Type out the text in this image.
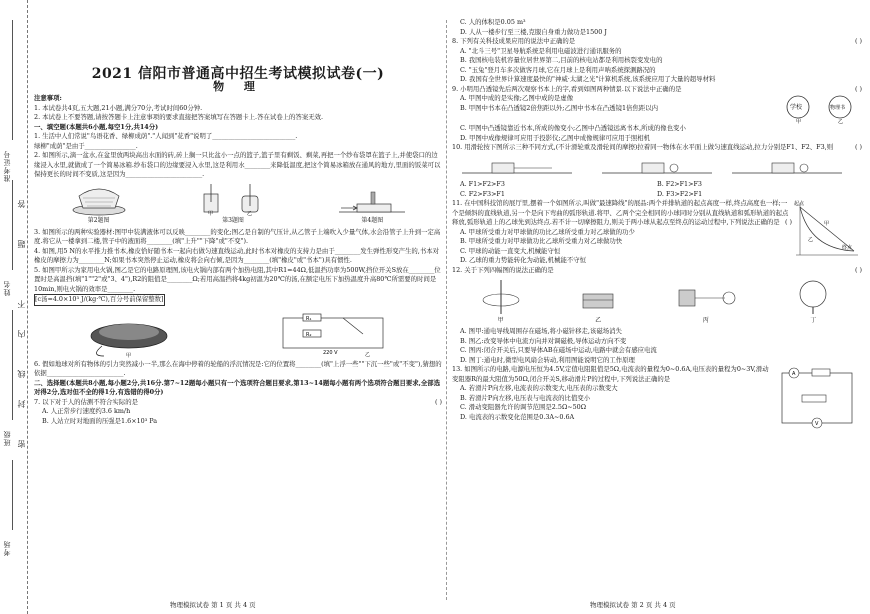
考场
准考证号
班级
姓名
答
题
不
内
线
封
密
2021 信阳市普通高中招生考试模拟试卷(一)
物 理
注意事项:
1. 本试卷共4页,五大题,21小题,满分70分,考试时间60分钟.
2. 本试卷上不要答题,请按答题卡上注意事项的要求直接把答案填写在答题卡上.答在试卷上的答案无效.
一、填空题(本题共6小题,每空1分,共14分)
1. 生活中人们常说"鸟语花香、绿柳成荫"."人闻到"花香"说明了__________________________.
绿柳"成荫"是由于________________.
2. 如图所示,滴一盆水,在盆里放两块高出水面的砖,砖上搁一只比盆小一点的篮子,篮子里有剩饭、剩菜,再把一个纱布袋罩在篮子上,并使袋口的边缘浸入水里,就做成了一个简易冰箱.纱布袋口的边缘要浸入水里,这是利用水________来降低温度,把这个简易冰箱放在通风的地方,里面的饭菜可以保持更长的时间不变质,这是因为________________________.
第2题图
甲	乙
第3题图	第4题图
3. 如图所示的两种实验器材:图甲中装满液体可以反映________的变化;图乙是自制的气压计,从乙管子上端吹入少量气体,水会沿管子上升到一定高度.将它从一楼拿到二楼,管子中的液面将________(填"上升""下降"或"不变").
4. 如图,用5 N的水平推力推书本,橡皮恰好随书本一起向右做匀速直线运动,此时书本对橡皮的支持力是由于________发生弹性形变产生的,书本对橡皮的摩擦力为________N;如果书本突然停止运动,橡皮将会向右倾,是因为________(填"橡皮"或"书本")具有惯性.
5. 如图甲所示为家用电火锅,图乙是它的电路原理图,该电火锅内部有两个加热电阻,其中R1=44Ω,低温挡功率为500W,挡位开关S放在________位置时是高温挡(填"1""2"或"3、4"),R2的阻值是________Ω;若用高温挡将4kg初温为20℃的汤,在额定电压下加热温度升高80℃所需要的时间是10min,则电火锅的效率是________.
[c汤=4.0×10³ J/(kg·℃),百分号前保留整数]
甲
R₁
R₂
220 V	乙
6. 假如地球对所有物体的引力突然减小一半,那么在海中停着的轮船的浮沉情况是:它的位置将________(填"上浮一些""下沉一些"或"不变"),猜想的依据________________________.
二、选择题(本题共8小题,每小题2分,共16分.第7~12题每小题只有一个选项符合题目要求,第13~14题每小题有两个选项符合题目要求,全部选对得2分,选对但不全的得1分,有选错的得0分)
7. 以下对于人的估测不符合实际的是	( )
A. 人正常步行速度约3.6 km/h
B. 人站立时对地面的压强是1.6×10³ Pa
C. 人的体积是0.05 m³
D. 人从一楼步行至三楼,克服自身重力做功是1500 J
8. 下列有关科技成果应用的说法中正确的是	( )
A. "北斗三号"卫星导航系统是利用电磁波进行通讯服务的
B. 我国核电装机容量位居世界第二,目前的核电站都是利用核裂变发电的
C. "玉兔"登月车多次做客月球,它在月球上是利用声呐系统探测路况的
D. 我国有全世界计算速度最快的"神威·太湖之光"计算机系统,该系统应用了大量的超导材料
9. 小明用凸透镜先后两次观察书本上的字,看到如图两种情景.以下说法中正确的是	( )
A. 甲图中成的是实像;乙图中成的是虚像
B. 甲图中书本在凸透镜2倍焦距以外;乙图中书本在凸透镜1倍焦距以内	学校	物理书
甲	乙
C. 甲图中凸透镜靠近书本,所成的像变小;乙图中凸透镜远离书本,所成的像也变小
D. 甲图中成像规律可应用于投影仪;乙图中成像规律可应用于照相机
10. 用滑轮按下图所示三种不同方式,(不计滑轮重及滑轮间的摩擦)拉着同一物体在水平面上做匀速直线运动,拉力分别是F1、F2、F3,则	( )
A. F1>F2>F3	B. F2>F1>F3
C. F2>F3>F1	D. F3>F2>F1
11. 在中国科技馆的展厅里,摆着一个如图所示,叫做"最速降线"的展品:两个并排轨道的起点高度一样,终点高度也一样;一个是倾斜的直线轨道,另一个是向下弯曲的弧形轨道.将甲、乙两个完全相同的小球同时分别从直线轨道和弧形轨道的起点释放,弧形轨道上的乙球先到达终点.若不计一切摩擦阻力,则关于两小球从起点至终点的运动过程中,下列说法正确的是 ( )
A. 甲球所受重力对甲球做的功比乙球所受重力对乙球做的功少
B. 甲球所受重力对甲球做功比乙球所受重力对乙球做功快
C. 甲球的动能一直变大,机械能守恒
D. 乙球的重力势能转化为动能,机械能不守恒
起点
甲
乙
终点
12. 关于下列四幅图的说法正确的是	( )
甲	乙	丙	丁
A. 图甲:通电导线周围存在磁场,将小磁针移走,该磁场消失
B. 图乙:改变导体中电流方向并对调磁极,导体运动方向不变
C. 图丙:闭合开关后,只要导体AB在磁场中运动,电路中就会有感应电流
D. 图丁:通电时,微型电风扇会转动,利用图能说明它的工作原理
13. 如图所示的电路,电源电压恒为4.5V,定值电阻阻值是5Ω,电流表的量程为0~0.6A,电压表的量程为0~3V,滑动变阻器R的最大阻值为50Ω,闭合开关S,移动滑片P的过程中,下列说法正确的是
A. 若滑片P向左移,电流表的示数变大,电压表的示数变大
B. 若滑片P向左移,电压表与电流表的比值变小
C. 滑动变阻器允许的调节范围是2.5Ω~50Ω
D. 电流表的示数变化范围是0.3A~0.6A
A
V
物理模拟试卷 第 1 页 共 4 页	物理模拟试卷 第 2 页 共 4 页
